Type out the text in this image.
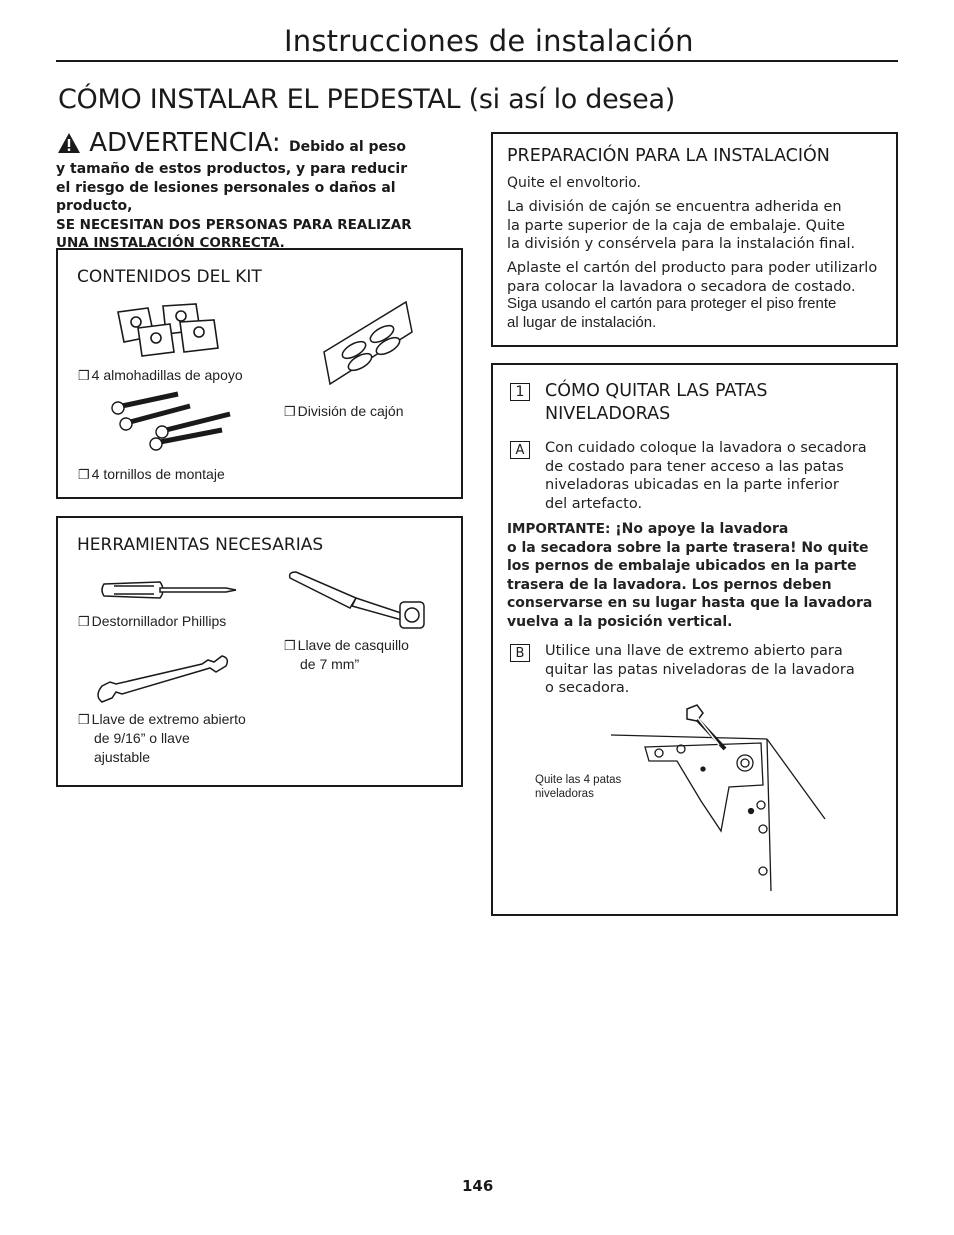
Instrucciones de instalación
CÓMO INSTALAR EL PEDESTAL (si así lo desea)
ADVERTENCIA: Debido al peso
y tamaño de estos productos, y para reducir
el riesgo de lesiones personales o daños al producto,
SE NECESITAN DOS PERSONAS PARA REALIZAR
UNA INSTALACIÓN CORRECTA.
CONTENIDOS DEL KIT
❒ 4 almohadillas de apoyo
❒ División de cajón
❒ 4 tornillos de montaje
HERRAMIENTAS NECESARIAS
❒ Destornillador Phillips
❒ Llave de casquillo
de 7 mm”
❒ Llave de extremo abierto
de 9/16” o llave
ajustable
PREPARACIÓN PARA LA INSTALACIÓN
Quite el envoltorio.
La división de cajón se encuentra adherida en
la parte superior de la caja de embalaje. Quite
la división y consérvela para la instalación final.
Aplaste el cartón del producto para poder utilizarlo
para colocar la lavadora o secadora de costado.
Siga usando el cartón para proteger el piso frente
al lugar de instalación.
1	CÓMO QUITAR LAS PATAS
NIVELADORAS
A	Con cuidado coloque la lavadora o secadora
de costado para tener acceso a las patas
niveladoras ubicadas en la parte inferior
del artefacto.
IMPORTANTE: ¡No apoye la lavadora
o la secadora sobre la parte trasera! No quite
los pernos de embalaje ubicados en la parte
trasera de la lavadora. Los pernos deben
conservarse en su lugar hasta que la lavadora
vuelva a la posición vertical.
B	Utilice una llave de extremo abierto para
quitar las patas niveladoras de la lavadora
o secadora.
Quite las 4 patas
niveladoras
146
